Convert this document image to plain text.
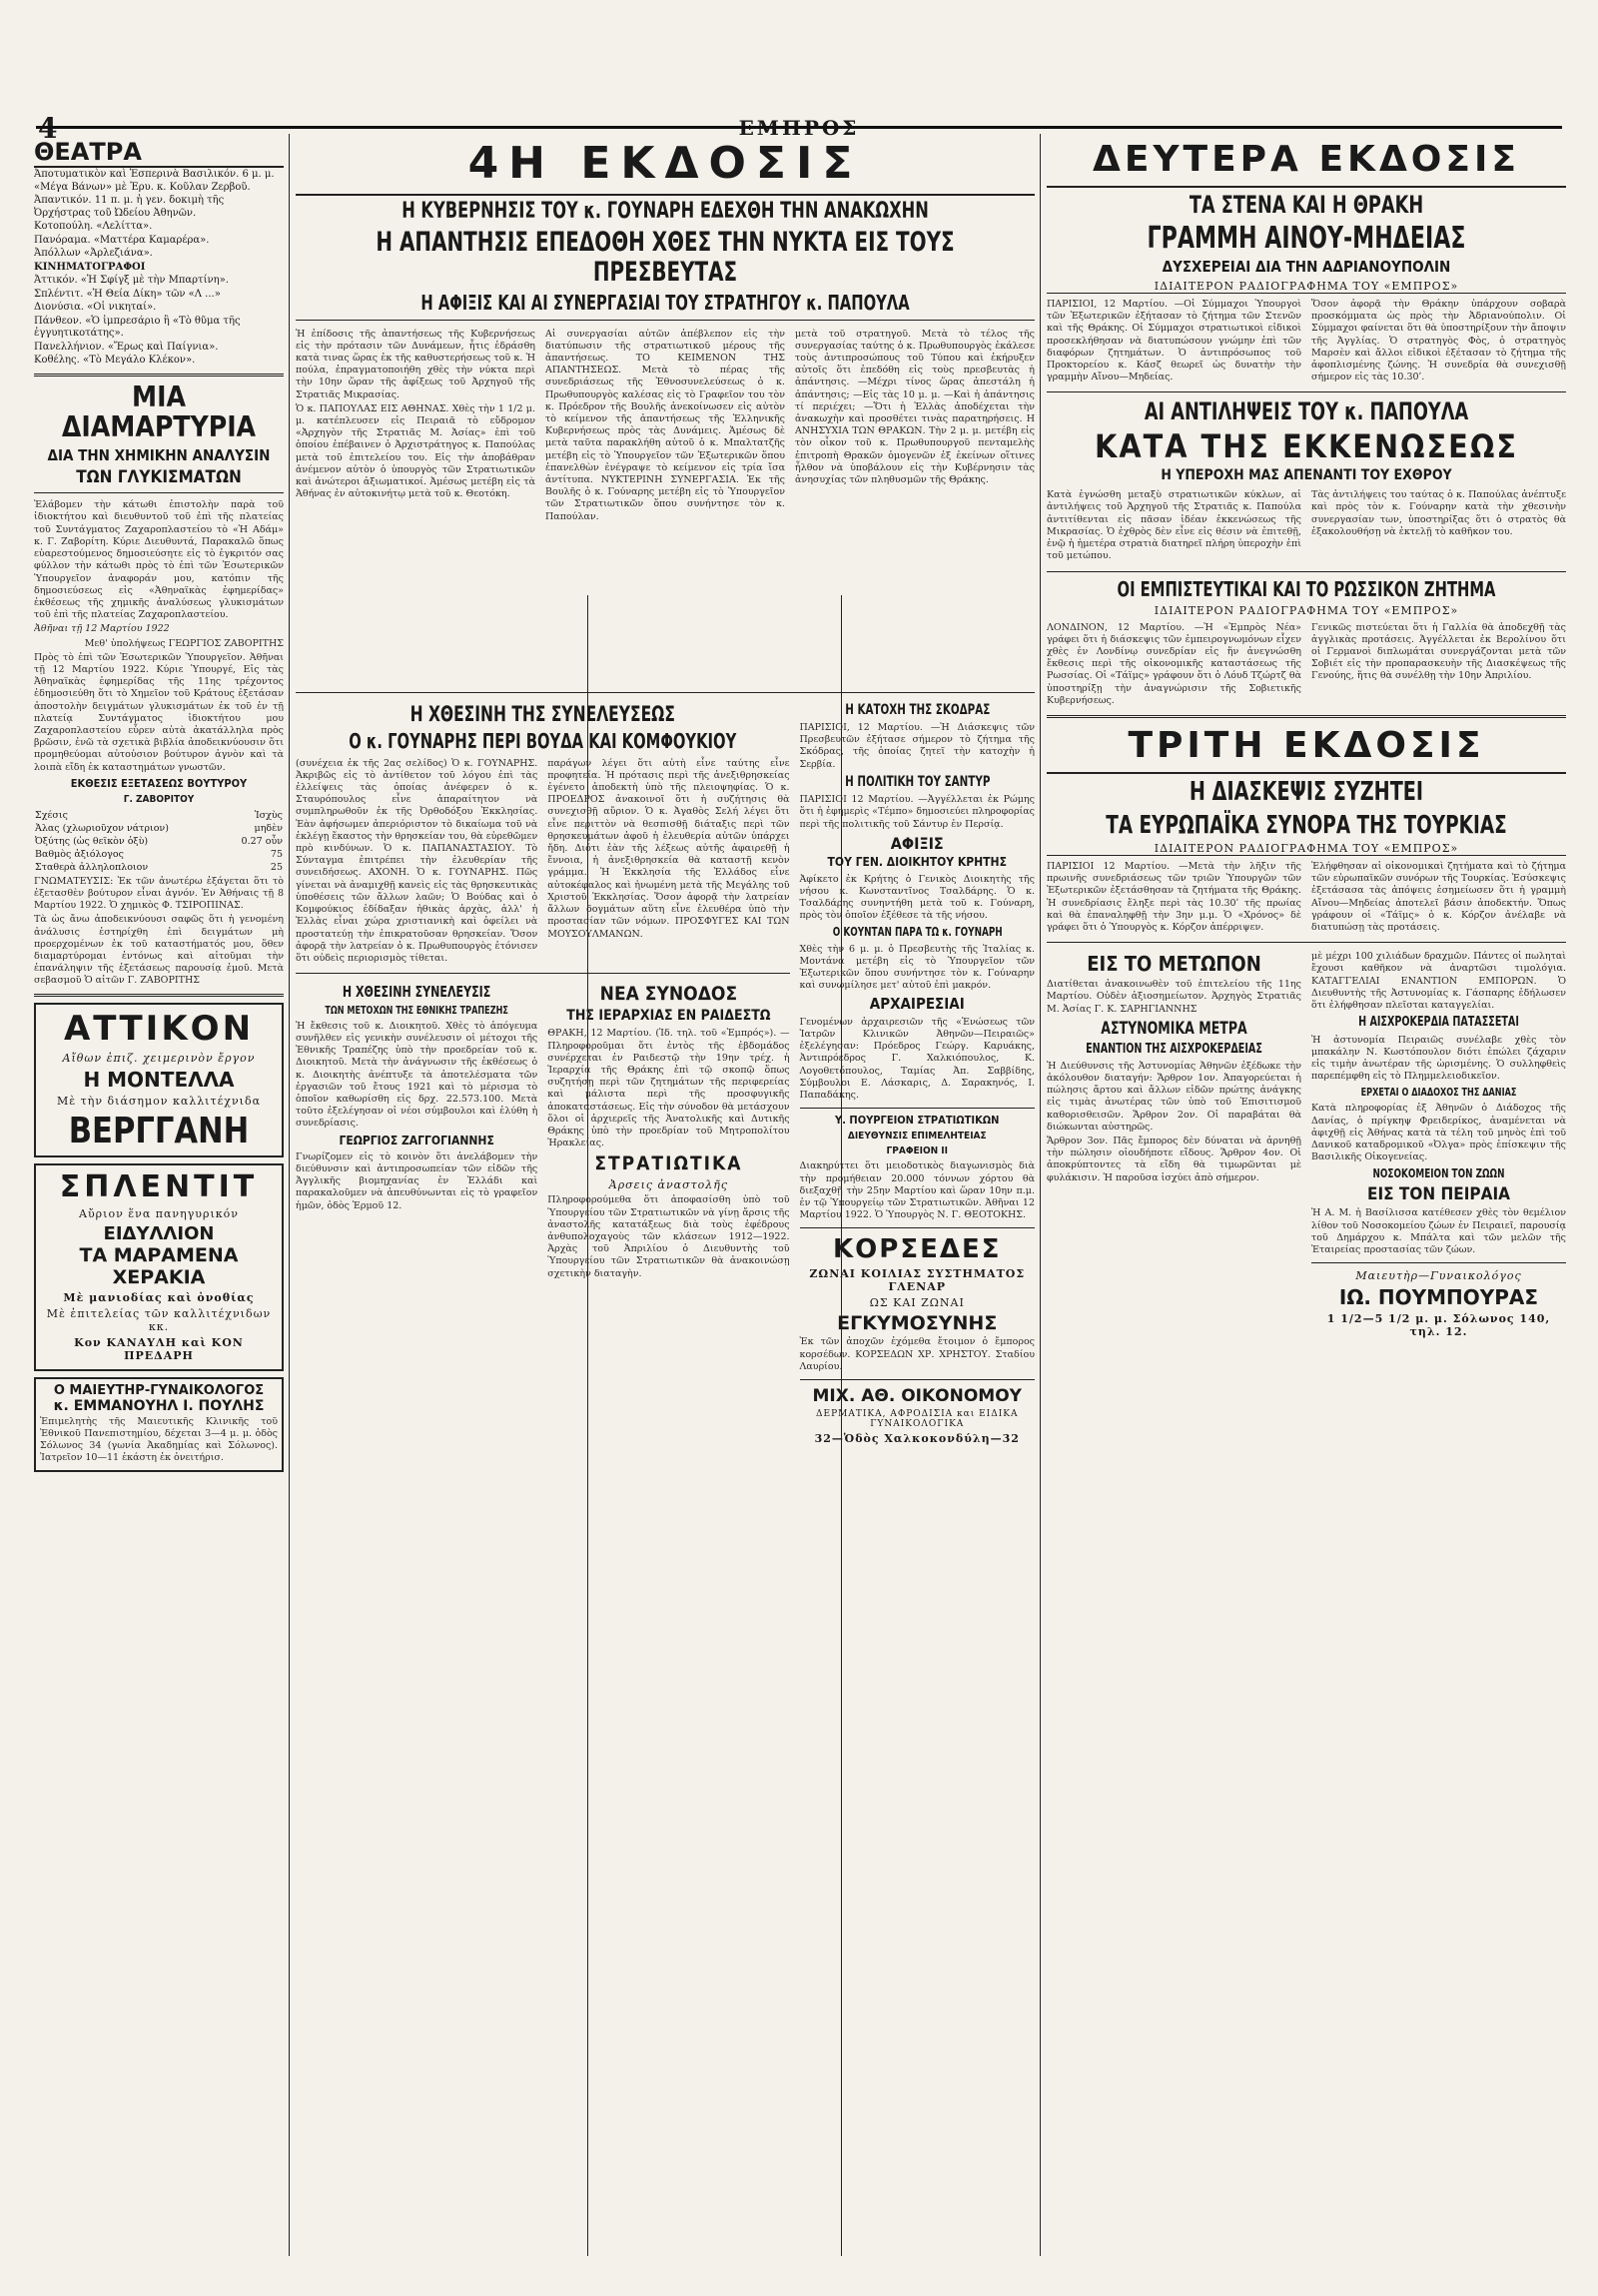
4	ΕΜΠΡΟΣ
ΘΕΑΤΡΑ

Ἀποτυματικὸν καὶ Ἐσπερινὰ Βασιλικόν. 6 μ. μ. «Μέγα Βάνων» μὲ Ἐρυ. κ. Κοῦλαν Ζερβοῦ.

Ἀπαντικόν. 11 π. μ. ἡ γεν. δοκιμὴ τῆς Ὀρχήστρας τοῦ Ὠδείου Ἀθηνῶν.

Κοτοπούλη. «Λελίττα».

Πανόραμα. «Ματτέρα Καμαρέρα».

Ἀπόλλων «Ἀρλεζιάνα».

ΚΙΝΗΜΑΤΟΓΡΑΦΟΙ

Ἀττικόν. «Ἡ Σφίγξ μὲ τὴν Μπαρτίνη».

Σπλέντιτ. «Ἡ Θεία Δίκη» τῶν «Λ ...»

Διονύσια. «Οἱ νικηταί».

Πάνθεον. «Ὁ ἰμπρεσάριο ἢ «Τὸ θῦμα τῆς ἐγγυητικοτάτης».

Πανελλήνιον. «Ἔρως καὶ Παίγνια».

Κοθέλης. «Τὸ Μεγάλο Κλέκον».

ΜΙΑ ΔΙΑΜΑΡΤΥΡΙΑ
ΔΙΑ ΤΗΝ ΧΗΜΙΚΗΝ ΑΝΑΛΥΣΙΝ
ΤΩΝ ΓΛΥΚΙΣΜΑΤΩΝ

Ἐλάβομεν τὴν κάτωθι ἐπιστολὴν παρὰ τοῦ ἰδιοκτήτου καὶ διευθυντοῦ τοῦ ἐπὶ τῆς πλατείας τοῦ Συντάγματος Ζαχαροπλαστείου τὸ «Ἡ Αδάμ» κ. Γ. Ζαβορίτη. Κύριε Διευθυντά, Παρακαλῶ ὅπως εὐαρεστούμενος δημοσιεύσητε εἰς τὸ ἐγκριτόν σας φύλλον τὴν κάτωθι πρὸς τὸ ἐπὶ τῶν Ἐσωτερικῶν Ὑπουργεῖον ἀναφοράν μου, κατόπιν τῆς δημοσιεύσεως εἰς «Ἀθηναϊκὰς ἐφημερίδας» ἐκθέσεως τῆς χημικῆς ἀναλύσεως γλυκισμάτων τοῦ ἐπὶ τῆς πλατείας Ζαχαροπλαστείου.

Ἀθῆναι τῇ 12 Μαρτίου 1922

Μεθ' ὑπολήψεως ΓΕΩΡΓΙΟΣ ΖΑΒΟΡΙΤΗΣ

Πρὸς τὸ ἐπὶ τῶν Ἐσωτερικῶν Ὑπουργεῖον. Ἀθῆναι τῇ 12 Μαρτίου 1922. Κύριε Ὑπουργέ, Εἰς τὰς Ἀθηναϊκὰς ἐφημερίδας τῆς 11ης τρέχοντος ἐδημοσιεύθη ὅτι τὸ Χημεῖον τοῦ Κράτους ἐξετάσαν ἀποστολὴν δειγμάτων γλυκισμάτων ἐκ τοῦ ἐν τῇ πλατείᾳ Συντάγματος ἰδιοκτήτου μου Ζαχαροπλαστείου εὗρεν αὐτὰ ἀκατάλληλα πρὸς βρῶσιν, ἐνῶ τὰ σχετικὰ βιβλία ἀποδεικνύουσιν ὅτι προμηθεύομαι αὐτοὐσιον βούτυρον ἀγνὸν καὶ τὰ λοιπὰ εἴδη ἐκ καταστημάτων γνωστῶν.

ΕΚΘΕΣΙΣ ΕΞΕΤΑΣΕΩΣ ΒΟΥΤΥΡΟΥ
Γ. ΖΑΒΟΡΙΤΟΥ
Σχέσις	Ἰσχὺς
Ἀλας (χλωριοῦχον νάτριον)	μηδὲν
Ὀξύτης (ὡς θεϊκὸν ὀξὺ)	0.27 οὖν
Βαθμὸς ἀξιόλογος	75
Σταθερὰ ἀλληλοπλοιον	25

ΓΝΩΜΑΤΕΥΣΙΣ: Ἐκ τῶν ἀνωτέρω ἐξάγεται ὅτι τὸ ἐξετασθὲν βούτυρον εἶναι ἀγνόν. Ἐν Ἀθήναις τῇ 8 Μαρτίου 1922. Ὁ χημικὸς Φ. ΤΣΙΡΟΠΙΝΑΣ.

Τὰ ὡς ἄνω ἀποδεικνύουσι σαφῶς ὅτι ἡ γενομένη ἀνάλυσις ἐστηρίχθη ἐπὶ δειγμάτων μὴ προερχομένων ἐκ τοῦ καταστήματός μου, ὅθεν διαμαρτύρομαι ἐντόνως καὶ αἰτοῦμαι τὴν ἐπανάληψιν τῆς ἐξετάσεως παρουσίᾳ ἐμοῦ. Μετὰ σεβασμοῦ Ὁ αἰτῶν Γ. ΖΑΒΟΡΙΤΗΣ

ΑΤΤΙΚΟΝ
Αἴθων ἐπιζ. χειμερινὸν ἔργον
Η ΜΟΝΤΕΛΛΑ
Μὲ τὴν διάσημον καλλιτέχνιδα
ΒΕΡΓΓΑΝΗ
ΣΠΛΕΝΤΙΤ
Αὔριον ἕνα πανηγυρικόν
ΕΙΔΥΛΛΙΟΝ
ΤΑ ΜΑΡΑΜΕΝΑ ΧΕΡΑΚΙΑ
Μὲ μανιοδίας καὶ ὀνοθίας
Μὲ ἐπιτελείας τῶν καλλιτέχνιδων κκ.
Κον ΚΑΝΑΥΛΗ καὶ ΚΟΝ ΠΡΕΔΑΡΗ
Ο ΜΑΙΕΥΤΗΡ-ΓΥΝΑΙΚΟΛΟΓΟΣ
κ. ΕΜΜΑΝΟΥΗΛ Ι. ΠΟΥΛΗΣ

Ἐπιμελητὴς τῆς Μαιευτικῆς Κλινικῆς τοῦ Ἐθνικοῦ Πανεπιστημίου, δέχεται 3—4 μ. μ. ὁδὸς Σόλωνος 34 (γωνία Ἀκαδημίας καὶ Σόλωνος). Ἰατρεῖον 10—11 ἑκάστη ἐκ ὀνειτήρισ.

4Η ΕΚΔΟΣΙΣ
Η ΚΥΒΕΡΝΗΣΙΣ ΤΟΥ κ. ΓΟΥΝΑΡΗ ΕΔΕΧΘΗ ΤΗΝ ΑΝΑΚΩΧΗΝ
Η ΑΠΑΝΤΗΣΙΣ ΕΠΕΔΟΘΗ ΧΘΕΣ ΤΗΝ ΝΥΚΤΑ ΕΙΣ ΤΟΥΣ ΠΡΕΣΒΕΥΤΑΣ
Η ΑΦΙΞΙΣ ΚΑΙ ΑΙ ΣΥΝΕΡΓΑΣΙΑΙ ΤΟΥ ΣΤΡΑΤΗΓΟΥ κ. ΠΑΠΟΥΛΑ

Ἡ ἐπίδοσις τῆς ἀπαντήσεως τῆς Κυβερνήσεως εἰς τὴν πρότασιν τῶν Δυνάμεων, ἧτις ἐδράσθη κατὰ τινας ὥρας ἐκ τῆς καθυστερήσεως τοῦ κ. Ἡ πούλα, ἐπραγματοποιήθη χθὲς τὴν νύκτα περὶ τὴν 10ην ὥραν τῆς ἀφίξεως τοῦ Ἀρχηγοῦ τῆς Στρατιᾶς Μικρασίας.

Ὁ κ. ΠΑΠΟΥΛΑΣ ΕΙΣ ΑΘΗΝΑΣ. Χθὲς τὴν 1 1/2 μ. μ. κατέπλευσεν εἰς Πειραιᾶ τὸ εὔδρομον «Ἀρχηγὸν τῆς Στρατιᾶς Μ. Ἀσίας» ἐπὶ τοῦ ὁποίου ἐπέβαινεν ὁ Ἀρχιστράτηγος κ. Παπούλας μετὰ τοῦ ἐπιτελείου του. Εἰς τὴν ἀποβάθραν ἀνέμενον αὐτὸν ὁ ὑπουργὸς τῶν Στρατιωτικῶν καὶ ἀνώτεροι ἀξιωματικοί. Ἀμέσως μετέβη εἰς τὰ Ἀθήνας ἐν αὐτοκινήτῳ μετὰ τοῦ κ. Θεοτόκη.

Αἱ συνεργασίαι αὐτῶν ἀπέβλεπον εἰς τὴν διατύπωσιν τῆς στρατιωτικοῦ μέρους τῆς ἀπαντήσεως. ΤΟ ΚΕΙΜΕΝΟΝ ΤΗΣ ΑΠΑΝΤΗΣΕΩΣ. Μετὰ τὸ πέρας τῆς συνεδριάσεως τῆς Ἐθνοσυνελεύσεως ὁ κ. Πρωθυπουργὸς καλέσας εἰς τὸ Γραφεῖον του τὸν κ. Πρόεδρον τῆς Βουλῆς ἀνεκοίνωσεν εἰς αὐτὸν τὸ κείμενον τῆς ἀπαντήσεως τῆς Ἑλληνικῆς Κυβερνήσεως πρὸς τὰς Δυνάμεις. Ἀμέσως δὲ μετὰ ταῦτα παρακλήθη αὐτοῦ ὁ κ. Μπαλτατζῆς μετέβη εἰς τὸ Ὑπουργεῖον τῶν Ἐξωτερικῶν ὅπου ἐπανελθὼν ἐνέγραψε τὸ κείμενον εἰς τρία ἴσα ἀντίτυπα. ΝΥΚΤΕΡΙΝΗ ΣΥΝΕΡΓΑΣΙΑ. Ἐκ τῆς Βουλῆς ὁ κ. Γούναρης μετέβη εἰς τὸ Ὑπουργεῖον τῶν Στρατιωτικῶν ὅπου συνήντησε τὸν κ. Παπούλαν.

μετὰ τοῦ στρατηγοῦ. Μετὰ τὸ τέλος τῆς συνεργασίας ταύτης ὁ κ. Πρωθυπουργὸς ἐκάλεσε τοὺς ἀντιπροσώπους τοῦ Τύπου καὶ ἐκήρυξεν αὐτοῖς ὅτι ἐπεδόθη εἰς τοὺς πρεσβευτὰς ἡ ἀπάντησις. —Μέχρι τίνος ὥρας ἀπεστάλη ἡ ἀπάντησις; —Εἰς τὰς 10 μ. μ. —Καὶ ἡ ἀπάντησις τί περιέχει; —Ὅτι ἡ Ἑλλὰς ἀποδέχεται τὴν ἀνακωχὴν καὶ προσθέτει τινὰς παρατηρήσεις. Η ΑΝΗΣΥΧΙΑ ΤΩΝ ΘΡΑΚΩΝ. Τὴν 2 μ. μ. μετέβη εἰς τὸν οἶκον τοῦ κ. Πρωθυπουργοῦ πενταμελὴς ἐπιτροπὴ Θρακῶν ὁμογενῶν ἐξ ἐκείνων οἵτινες ἦλθον νὰ ὑποβάλουν εἰς τὴν Κυβέρνησιν τὰς ἀνησυχίας τῶν πληθυσμῶν τῆς Θράκης.

Η ΧΘΕΣΙΝΗ ΤΗΣ ΣΥΝΕΛΕΥΣΕΩΣ
Ο κ. ΓΟΥΝΑΡΗΣ ΠΕΡΙ ΒΟΥΔΑ ΚΑΙ ΚΟΜΦΟΥΚΙΟΥ

(συνέχεια ἐκ τῆς 2ας σελίδος) Ὁ κ. ΓΟΥΝΑΡΗΣ. Ἀκριβῶς εἰς τὸ ἀντίθετον τοῦ λόγου ἐπὶ τὰς ἐλλείψεις τὰς ὁποίας ἀνέφερεν ὁ κ. Σταυρόπουλος εἶνε ἀπαραίτητον νὰ συμπληρωθοῦν ἐκ τῆς Ὀρθοδόξου Ἐκκλησίας. Ἐὰν ἀφήσωμεν ἀπεριόριστον τὸ δικαίωμα τοῦ νὰ ἐκλέγῃ ἕκαστος τὴν θρησκείαν του, θὰ εὑρεθῶμεν πρὸ κινδύνων. Ὁ κ. ΠΑΠΑΝΑΣΤΑΣΙΟΥ. Τὸ Σύνταγμα ἐπιτρέπει τὴν ἐλευθερίαν τῆς συνειδήσεως. ΑΧΟΝΗ. Ὁ κ. ΓΟΥΝΑΡΗΣ. Πῶς γίνεται νὰ ἀναμιχθῇ κανεὶς εἰς τὰς θρησκευτικὰς ὑποθέσεις τῶν ἄλλων λαῶν; Ὁ Βούδας καὶ ὁ Κομφούκιος ἐδίδαξαν ἠθικὰς ἀρχὰς, ἀλλ' ἡ Ἑλλὰς εἶναι χώρα χριστιανικὴ καὶ ὀφείλει νὰ προστατεύῃ τὴν ἐπικρατοῦσαν θρησκείαν. Ὅσον ἀφορᾷ τὴν λατρείαν ὁ κ. Πρωθυπουργὸς ἐτόνισεν ὅτι οὐδεὶς περιορισμὸς τίθεται.

παράγων λέγει ὅτι αὐτὴ εἶνε ταύτης εἶνε προφητεία. Ἡ πρότασις περὶ τῆς ἀνεξιθρησκείας ἐγένετο ἀποδεκτὴ ὑπὸ τῆς πλειοψηφίας. Ὁ κ. ΠΡΟΕΔΡΟΣ ἀνακοινοῖ ὅτι ἡ συζήτησις θὰ συνεχισθῇ αὔριον. Ὁ κ. Ἀγαθὸς Σελή λέγει ὅτι εἶνε περιττὸν νὰ θεσπισθῇ διάταξις περὶ τῶν θρησκευμάτων ἀφοῦ ἡ ἐλευθερία αὐτῶν ὑπάρχει ἤδη. Διότι ἐὰν τῆς λέξεως αὐτῆς ἀφαιρεθῇ ἡ ἔννοια, ἡ ἀνεξιθρησκεία θὰ καταστῇ κενὸν γράμμα. Ἡ Ἐκκλησία τῆς Ἑλλάδος εἶνε αὐτοκέφαλος καὶ ἡνωμένη μετὰ τῆς Μεγάλης τοῦ Χριστοῦ Ἐκκλησίας. Ὅσον ἀφορᾷ τὴν λατρείαν ἄλλων δογμάτων αὕτη εἶνε ἐλευθέρα ὑπὸ τὴν προστασίαν τῶν νόμων. ΠΡΟΣΦΥΓΕΣ ΚΑΙ ΤΩΝ ΜΟΥΣΟΥΛΜΑΝΩΝ.

Η ΧΘΕΣΙΝΗ ΣΥΝΕΛΕΥΣΙΣ
ΤΩΝ ΜΕΤΟΧΩΝ ΤΗΣ ΕΘΝΙΚΗΣ ΤΡΑΠΕΖΗΣ

Ἡ ἔκθεσις τοῦ κ. Διοικητοῦ. Χθὲς τὸ ἀπόγευμα συνῆλθεν εἰς γενικὴν συνέλευσιν οἱ μέτοχοι τῆς Ἐθνικῆς Τραπέζης ὑπὸ τὴν προεδρείαν τοῦ κ. Διοικητοῦ. Μετὰ τὴν ἀνάγνωσιν τῆς ἐκθέσεως ὁ κ. Διοικητὴς ἀνέπτυξε τὰ ἀποτελέσματα τῶν ἐργασιῶν τοῦ ἔτους 1921 καὶ τὸ μέρισμα τὸ ὁποῖον καθωρίσθη εἰς δρχ. 22.573.100. Μετὰ τοῦτο ἐξελέγησαν οἱ νέοι σύμβουλοι καὶ ἐλύθη ἡ συνεδρίασις.

ΓΕΩΡΓΙΟΣ ΖΑΓΓΟΓΙΑΝΝΗΣ

Γνωρίζομεν εἰς τὸ κοινὸν ὅτι ἀνελάβομεν τὴν διεύθυνσιν καὶ ἀντιπροσωπείαν τῶν εἰδῶν τῆς Ἀγγλικῆς βιομηχανίας ἐν Ἑλλάδι καὶ παρακαλοῦμεν νὰ ἀπευθύνωνται εἰς τὸ γραφεῖον ἡμῶν, ὁδὸς Ἑρμοῦ 12.

ΝΕΑ ΣΥΝΟΔΟΣ
ΤΗΣ ΙΕΡΑΡΧΙΑΣ ΕΝ ΡΑΙΔΕΣΤΩ

ΘΡΑΚΗ, 12 Μαρτίου. (Ἰδ. τηλ. τοῦ «Ἐμπρός»). —Πληροφοροῦμαι ὅτι ἐντὸς τῆς ἐβδομάδος συνέρχεται ἐν Ραιδεστῷ τὴν 19ην τρέχ. ἡ Ἱεραρχία τῆς Θράκης ἐπὶ τῷ σκοπῷ ὅπως συζητήσῃ περὶ τῶν ζητημάτων τῆς περιφερείας καὶ μάλιστα περὶ τῆς προσφυγικῆς ἀποκαταστάσεως. Εἰς τὴν σύνοδον θὰ μετάσχουν ὅλοι οἱ ἀρχιερεῖς τῆς Ἀνατολικῆς καὶ Δυτικῆς Θράκης ὑπὸ τὴν προεδρίαν τοῦ Μητροπολίτου Ἡρακλείας.

ΣΤΡΑΤΙΩΤΙΚΑ
Ἀρσεις ἀναστολῆς

Πληροφορούμεθα ὅτι ἀποφασίσθη ὑπὸ τοῦ Ὑπουργείου τῶν Στρατιωτικῶν νὰ γίνῃ ἄρσις τῆς ἀναστολῆς κατατάξεως διὰ τοὺς ἐφέδρους ἀνθυπολοχαγοὺς τῶν κλάσεων 1912—1922. Ἀρχὰς τοῦ Ἀπριλίου ὁ Διευθυντὴς τοῦ Ὑπουργείου τῶν Στρατιωτικῶν θὰ ἀνακοινώσῃ σχετικὴν διαταγὴν.

Η ΚΑΤΟΧΗ ΤΗΣ ΣΚΟΔΡΑΣ

ΠΑΡΙΣΙΟΙ, 12 Μαρτίου. —Ἡ Διάσκεψις τῶν Πρεσβευτῶν ἐξήτασε σήμερον τὸ ζήτημα τῆς Σκόδρας, τῆς ὁποίας ζητεῖ τὴν κατοχὴν ἡ Σερβία.

Η ΠΟΛΙΤΙΚΗ ΤΟΥ ΣΑΝΤΥΡ

ΠΑΡΙΣΙΟΙ 12 Μαρτίου. —Ἀγγέλλεται ἐκ Ρώμης ὅτι ἡ ἐφημερὶς «Τέμπο» δημοσιεύει πληροφορίας περὶ τῆς πολιτικῆς τοῦ Σάντυρ ἐν Περσίᾳ.

ΑΦΙΞΙΣ
ΤΟΥ ΓΕΝ. ΔΙΟΙΚΗΤΟΥ ΚΡΗΤΗΣ

Ἀφίκετο ἐκ Κρήτης ὁ Γενικὸς Διοικητὴς τῆς νήσου κ. Κωνσταντῖνος Τσαλδάρης. Ὁ κ. Τσαλδάρης συνηντήθη μετὰ τοῦ κ. Γούναρη, πρὸς τὸν ὁποῖον ἐξέθεσε τὰ τῆς νήσου.

Ο ΚΟΥΝΤΑΝ ΠΑΡΑ ΤΩ κ. ΓΟΥΝΑΡΗ

Χθὲς τὴν 6 μ. μ. ὁ Πρεσβευτὴς τῆς Ἰταλίας κ. Μοντάνα μετέβη εἰς τὸ Ὑπουργεῖον τῶν Ἐξωτερικῶν ὅπου συνήντησε τὸν κ. Γούναρην καὶ συνωμίλησε μετ' αὐτοῦ ἐπὶ μακρόν.

ΑΡΧΑΙΡΕΣΙΑΙ

Γενομένων ἀρχαιρεσιῶν τῆς «Ἑνώσεως τῶν Ἰατρῶν Κλινικῶν Ἀθηνῶν—Πειραιῶς» ἐξελέγησαν: Πρόεδρος Γεώργ. Καρυάκης, Ἀντιπρόεδρος Γ. Χαλκιόπουλος, Κ. Λογοθετόπουλος, Ταμίας Ἀπ. Σαββίδης, Σύμβουλοι Ε. Λάσκαρις, Δ. Σαρακηνός, Ι. Παπαδάκης.

Υ. ΠΟΥΡΓΕΙΟΝ ΣΤΡΑΤΙΩΤΙΚΩΝ
ΔΙΕΥΘΥΝΣΙΣ ΕΠΙΜΕΛΗΤΕΙΑΣ
ΓΡΑΦΕΙΟΝ II

Διακηρύττει ὅτι μειοδοτικὸς διαγωνισμὸς διὰ τὴν προμήθειαν 20.000 τόννων χόρτου θὰ διεξαχθῇ τὴν 25ην Μαρτίου καὶ ὥραν 10ην π.μ. ἐν τῷ Ὑπουργείῳ τῶν Στρατιωτικῶν. Ἀθῆναι 12 Μαρτίου 1922. Ὁ Ὑπουργὸς Ν. Γ. ΘΕΟΤΟΚΗΣ.

ΚΟΡΣΕΔΕΣ
ΖΩΝΑΙ ΚΟΙΛΙΑΣ ΣΥΣΤΗΜΑΤΟΣ ΓΛΕΝΑΡ
ΩΣ ΚΑΙ ΖΩΝΑΙ
ΕΓΚΥΜΟΣΥΝΗΣ

Ἐκ τῶν ἀποχῶν ἐχόμεθα ἔτοιμον ὁ ἔμπορος κορσέδων. ΚΟΡΣΕΔΩΝ ΧΡ. ΧΡΗΣΤΟΥ. Σταδίου Λαυρίου.

ΜΙΧ. ΑΘ. ΟΙΚΟΝΟΜΟΥ
ΔΕΡΜΑΤΙΚΑ, ΑΦΡΟΔΙΣΙΑ και ΕΙΔΙΚΑ ΓΥΝΑΙΚΟΛΟΓΙΚΑ
32—Ὁδὸς Χαλκοκονδύλη—32
ΔΕΥΤΕΡΑ ΕΚΔΟΣΙΣ
ΤΑ ΣΤΕΝΑ ΚΑΙ Η ΘΡΑΚΗ
ΓΡΑΜΜΗ ΑΙΝΟΥ-ΜΗΔΕΙΑΣ
ΔΥΣΧΕΡΕΙΑΙ ΔΙΑ ΤΗΝ ΑΔΡΙΑΝΟΥΠΟΛΙΝ
ΙΔΙΑΙΤΕΡΟΝ ΡΑΔΙΟΓΡΑΦΗΜΑ ΤΟΥ «ΕΜΠΡΟΣ»

ΠΑΡΙΣΙΟΙ, 12 Μαρτίου. —Οἱ Σύμμαχοι Ὑπουργοὶ τῶν Ἐξωτερικῶν ἐξήτασαν τὸ ζήτημα τῶν Στενῶν καὶ τῆς Θράκης. Οἱ Σύμμαχοι στρατιωτικοὶ εἰδικοὶ προσεκλήθησαν νὰ διατυπώσουν γνώμην ἐπὶ τῶν διαφόρων ζητημάτων. Ὁ ἀντιπρόσωπος τοῦ Προκτορείου κ. Κάσζ θεωρεῖ ὡς δυνατὴν τὴν γραμμὴν Αἴνου—Μηδείας.

Ὅσον ἀφορᾷ τὴν Θράκην ὑπάρχουν σοβαρὰ προσκόμματα ὡς πρὸς τὴν Ἀδριανούπολιν. Οἱ Σύμμαχοι φαίνεται ὅτι θὰ ὑποστηρίξουν τὴν ἄποψιν τῆς Ἀγγλίας. Ὁ στρατηγὸς Φὸς, ὁ στρατηγὸς Μαρσὲν καὶ ἄλλοι εἰδικοὶ ἐξέτασαν τὸ ζήτημα τῆς ἀφοπλισμένης ζώνης. Ἡ συνεδρία θὰ συνεχισθῇ σήμερον εἰς τὰς 10.30ʹ.

ΑΙ ΑΝΤΙΛΗΨΕΙΣ ΤΟΥ κ. ΠΑΠΟΥΛΑ
ΚΑΤΑ ΤΗΣ ΕΚΚΕΝΩΣΕΩΣ
Η ΥΠΕΡΟΧΗ ΜΑΣ ΑΠΕΝΑΝΤΙ ΤΟΥ ΕΧΘΡΟΥ

Κατὰ ἐγνώσθη μεταξὺ στρατιωτικῶν κύκλων, αἱ ἀντιλήψεις τοῦ Ἀρχηγοῦ τῆς Στρατιᾶς κ. Παπούλα ἀντιτίθενται εἰς πᾶσαν ἰδέαν ἐκκενώσεως τῆς Μικρασίας. Ὁ ἐχθρὸς δὲν εἶνε εἰς θέσιν νὰ ἐπιτεθῇ, ἐνῷ ἡ ἡμετέρα στρατιὰ διατηρεῖ πλήρη ὑπεροχὴν ἐπὶ τοῦ μετώπου.

Τὰς ἀντιλήψεις του ταύτας ὁ κ. Παπούλας ἀνέπτυξε καὶ πρὸς τὸν κ. Γούναρην κατὰ τὴν χθεσινὴν συνεργασίαν των, ὑποστηρίξας ὅτι ὁ στρατὸς θὰ ἐξακολουθήσῃ νὰ ἐκτελῇ τὸ καθῆκον του.

ΟΙ ΕΜΠΙΣΤΕΥΤΙΚΑΙ ΚΑΙ ΤΟ ΡΩΣΣΙΚΟΝ ΖΗΤΗΜΑ
ΙΔΙΑΙΤΕΡΟΝ ΡΑΔΙΟΓΡΑΦΗΜΑ ΤΟΥ «ΕΜΠΡΟΣ»

ΛΟΝΔΙΝΟΝ, 12 Μαρτίου. —Ἡ «Ἐμπρὸς Νέα» γράφει ὅτι ἡ διάσκεψις τῶν ἐμπειρογνωμόνων εἶχεν χθὲς ἐν Λονδίνῳ συνεδρίαν εἰς ἥν ἀνεγνώσθη ἔκθεσις περὶ τῆς οἰκονομικῆς καταστάσεως τῆς Ρωσσίας. Οἱ «Τάϊμς» γράφουν ὅτι ὁ Λόυδ Τζώρτζ θὰ ὑποστηρίξῃ τὴν ἀναγνώρισιν τῆς Σοβιετικῆς Κυβερνήσεως.

Γενικῶς πιστεύεται ὅτι ἡ Γαλλία θὰ ἀποδεχθῇ τὰς ἀγγλικὰς προτάσεις. Ἀγγέλλεται ἐκ Βερολίνου ὅτι οἱ Γερμανοὶ διπλωμάται συνεργάζονται μετὰ τῶν Σοβιέτ εἰς τὴν προπαρασκευὴν τῆς Διασκέψεως τῆς Γενούης, ἥτις θὰ συνέλθῃ τὴν 10ην Ἀπριλίου.

ΤΡΙΤΗ ΕΚΔΟΣΙΣ
Η ΔΙΑΣΚΕΨΙΣ ΣΥΖΗΤΕΙ
ΤΑ ΕΥΡΩΠΑΪΚΑ ΣΥΝΟΡΑ ΤΗΣ ΤΟΥΡΚΙΑΣ
ΙΔΙΑΙΤΕΡΟΝ ΡΑΔΙΟΓΡΑΦΗΜΑ ΤΟΥ «ΕΜΠΡΟΣ»

ΠΑΡΙΣΙΟΙ 12 Μαρτίου. —Μετὰ τὴν λῆξιν τῆς πρωινῆς συνεδριάσεως τῶν τριῶν Ὑπουργῶν τῶν Ἐξωτερικῶν ἐξετάσθησαν τὰ ζητήματα τῆς Θράκης. Ἡ συνεδρίασις ἔληξε περὶ τὰς 10.30ʹ τῆς πρωίας καὶ θὰ ἐπαναληφθῇ τὴν 3ην μ.μ. Ὁ «Χρόνος» δὲ γράφει ὅτι ὁ Ὑπουργὸς κ. Κόρζον ἀπέρριψεν.

Ἐλήφθησαν αἱ οἰκονομικαὶ ζητήματα καὶ τὸ ζήτημα τῶν εὐρωπαϊκῶν συνόρων τῆς Τουρκίας. Ἐσύσκεψις ἐξετάσασα τὰς ἀπόψεις ἐσημείωσεν ὅτι ἡ γραμμὴ Αἴνου—Μηδείας ἀποτελεῖ βάσιν ἀποδεκτήν. Ὅπως γράφουν οἱ «Τάϊμς» ὁ κ. Κόρζον ἀνέλαβε νὰ διατυπώσῃ τὰς προτάσεις.

ΕΙΣ ΤΟ ΜΕΤΩΠΟΝ

Διατίθεται ἀνακοινωθὲν τοῦ ἐπιτελείου τῆς 11ης Μαρτίου. Οὐδὲν ἀξιοσημείωτον. Ἀρχηγὸς Στρατιᾶς Μ. Ἀσίας Γ. Κ. ΣΑΡΗΓΙΑΝΝΗΣ

ΑΣΤΥΝΟΜΙΚΑ ΜΕΤΡΑ
ΕΝΑΝΤΙΟΝ ΤΗΣ ΑΙΣΧΡΟΚΕΡΔΕΙΑΣ

Ἡ Διεύθυνσις τῆς Ἀστυνομίας Ἀθηνῶν ἐξέδωκε τὴν ἀκόλουθον διαταγήν: Ἄρθρον 1ον. Ἀπαγορεύεται ἡ πώλησις ἄρτου καὶ ἄλλων εἰδῶν πρώτης ἀνάγκης εἰς τιμὰς ἀνωτέρας τῶν ὑπὸ τοῦ Ἐπισιτισμοῦ καθορισθεισῶν. Ἄρθρον 2ον. Οἱ παραβάται θὰ διώκωνται αὐστηρῶς.

Ἄρθρον 3ον. Πᾶς ἔμπορος δὲν δύναται νὰ ἀρνηθῇ τὴν πώλησιν οἱουδήποτε εἴδους. Ἄρθρον 4ον. Οἱ ἀποκρύπτοντες τὰ εἴδη θὰ τιμωρῶνται μὲ φυλάκισιν. Ἡ παροῦσα ἰσχύει ἀπὸ σήμερον.

μὲ μέχρι 100 χιλιάδων δραχμῶν. Πάντες οἱ πωληταὶ ἔχουσι καθῆκον νὰ ἀναρτῶσι τιμολόγια. ΚΑΤΑΓΓΕΛΙΑΙ ΕΝΑΝΤΙΟΝ ΕΜΠΟΡΩΝ. Ὁ Διευθυντὴς τῆς Ἀστυνομίας κ. Γάσπαρης ἐδήλωσεν ὅτι ἐλήφθησαν πλεῖσται καταγγελίαι.

Η ΑΙΣΧΡΟΚΕΡΔΙΑ ΠΑΤΑΣΣΕΤΑΙ

Ἡ ἀστυνομία Πειραιῶς συνέλαβε χθὲς τὸν μπακάλην Ν. Κωστόπουλον διότι ἐπώλει ζάχαριν εἰς τιμὴν ἀνωτέραν τῆς ὡρισμένης. Ὁ συλληφθεὶς παρεπέμφθη εἰς τὸ Πλημμελειοδικεῖον.

ΕΡΧΕΤΑΙ Ο ΔΙΑΔΟΧΟΣ ΤΗΣ ΔΑΝΙΑΣ

Κατὰ πληροφορίας ἐξ Ἀθηνῶν ὁ Διάδοχος τῆς Δανίας, ὁ πρίγκηψ Φρειδερίκος, ἀναμένεται νὰ ἀφιχθῇ εἰς Ἀθήνας κατὰ τὰ τέλη τοῦ μηνὸς ἐπὶ τοῦ Δανικοῦ καταδρομικοῦ «Ὀλγα» πρὸς ἐπίσκεψιν τῆς Βασιλικῆς Οἰκογενείας.

ΝΟΣΟΚΟΜΕΙΟΝ ΤΟΝ ΖΩΩΝ
ΕΙΣ ΤΟΝ ΠΕΙΡΑΙΑ

Ἡ Α. Μ. ἡ Βασίλισσα κατέθεσεν χθὲς τὸν θεμέλιον λίθον τοῦ Νοσοκομείου ζώων ἐν Πειραιεῖ, παρουσίᾳ τοῦ Δημάρχου κ. Μπάλτα καὶ τῶν μελῶν τῆς Ἑταιρείας προστασίας τῶν ζώων.

Μαιευτὴρ—Γυναικολόγος
ΙΩ. ΠΟΥΜΠΟΥΡΑΣ
1 1/2—5 1/2 μ. μ. Σόλωνος 140, τηλ. 12.
